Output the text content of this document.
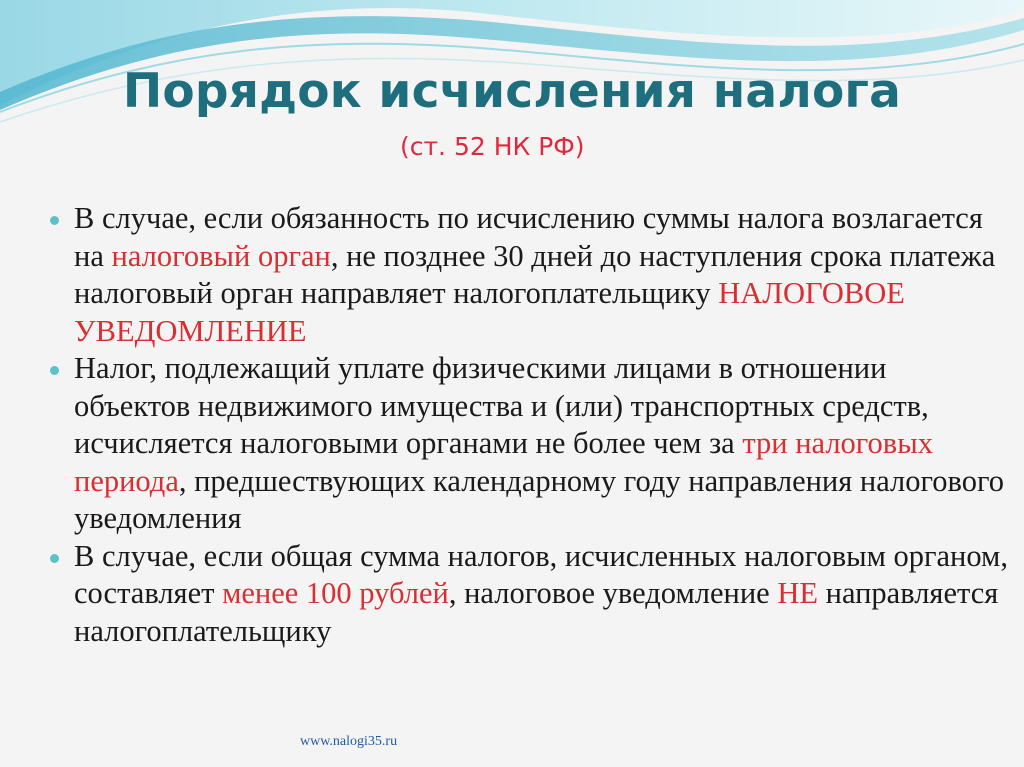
Порядок исчисления налога
(ст. 52 НК РФ)
В случае, если обязанность по исчислению суммы налога возлагается на налоговый орган, не позднее 30 дней до наступления срока платежа налоговый орган направляет налогоплательщику НАЛОГОВОЕ УВЕДОМЛЕНИЕ
Налог, подлежащий уплате физическими лицами в отношении объектов недвижимого имущества и (или) транспортных средств, исчисляется налоговыми органами не более чем за три налоговых периода, предшествующих календарному году направления налогового уведомления
В случае, если общая сумма налогов, исчисленных налоговым органом, составляет менее 100 рублей, налоговое уведомление НЕ направляется налогоплательщику
www.nalogi35.ru
